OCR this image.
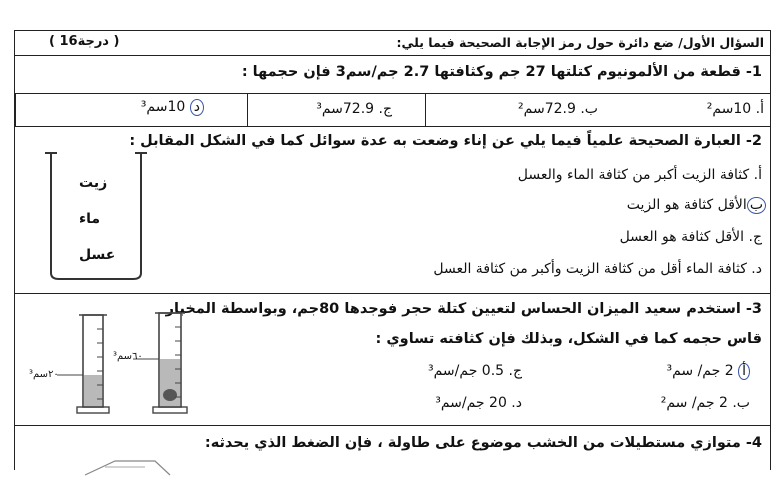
السؤال الأول/ ضع دائرة حول رمز الإجابة الصحيحة فيما يلي:
( 16درجة )
1- قطعة من الألمونيوم كتلتها 27 جم وكثافتها 2.7 جم/سم3 فإن حجمها :
أ. 10سم²
ب. 72.9سم²
ج. 72.9سم³
د 10سم³
2- العبارة الصحيحة علمياً فيما يلي عن إناء وضعت به عدة سوائل كما في الشكل المقابل :
أ. كثافة الزيت أكبر من كثافة الماء والعسل
بالأقل كثافة هو الزيت
ج. الأقل كثافة هو العسل
د. كثافة الماء أقل من كثافة الزيت وأكبر من كثافة العسل
زيت
ماء
عسل
3- استخدم سعيد الميزان الحساس لتعيين كتلة حجر فوجدها 80جم، وبواسطة المخبار
قاس حجمه كما في الشكل، وبذلك فإن كثافته تساوي :
أ 2 جم/ سم³
ب. 2 جم/ سم²
ج. 0.5 جم/سم³
د. 20 جم/سم³
٦٠سم³
٢٠سم³
4- متوازي مستطيلات من الخشب موضوع على طاولة ، فإن الضغط الذي يحدثه:
